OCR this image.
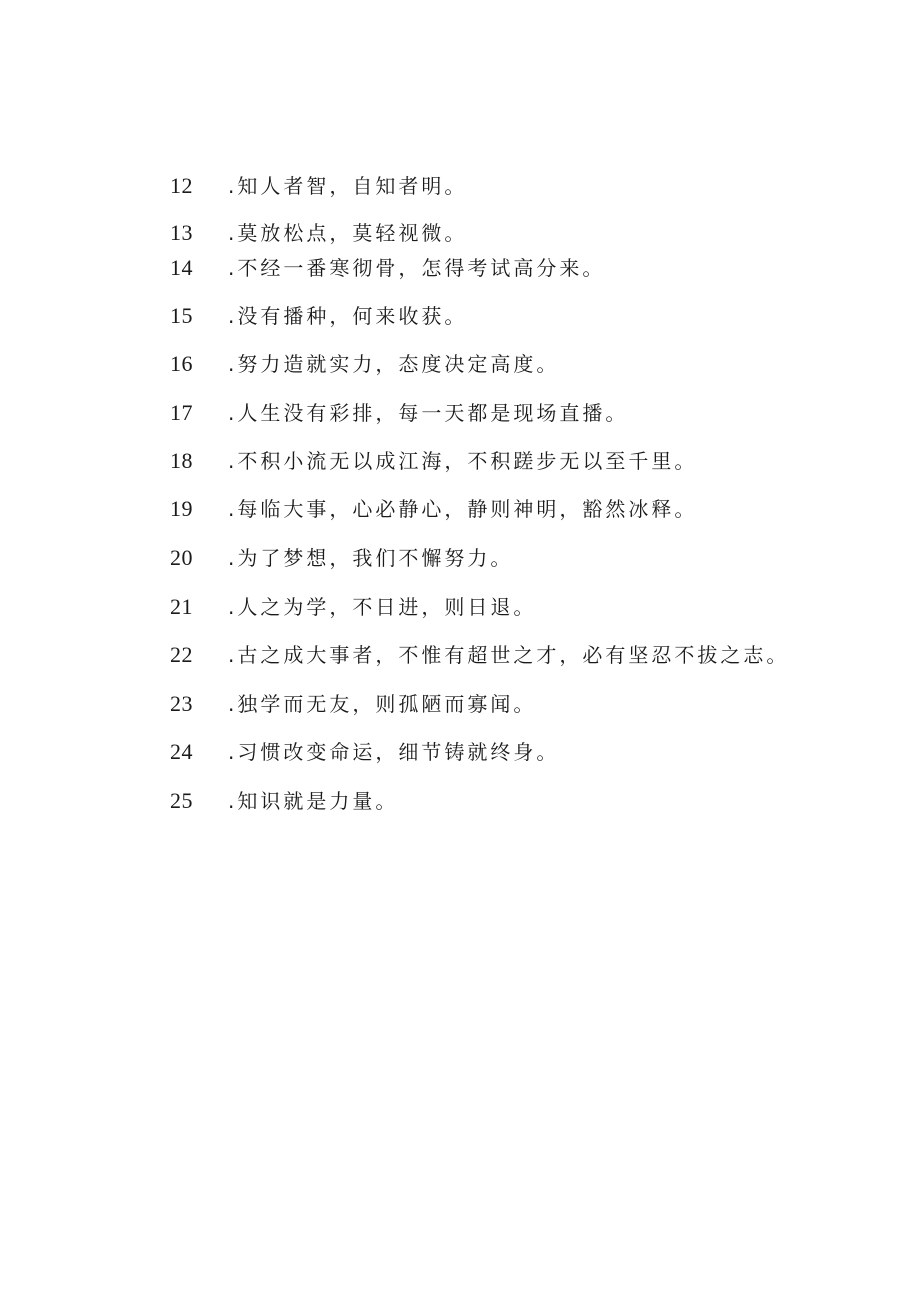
12	.知人者智，自知者明。
13	.莫放松点，莫轻视微。
14	.不经一番寒彻骨，怎得考试高分来。
15	.没有播种，何来收获。
16	.努力造就实力，态度决定高度。
17	.人生没有彩排，每一天都是现场直播。
18	.不积小流无以成江海，不积蹉步无以至千里。
19	.每临大事，心必静心，静则神明，豁然冰释。
20	.为了梦想，我们不懈努力。
21	.人之为学，不日进，则日退。
22	.古之成大事者，不惟有超世之才，必有坚忍不拔之志。
23	.独学而无友，则孤陋而寡闻。
24	.习惯改变命运，细节铸就终身。
25	.知识就是力量。
